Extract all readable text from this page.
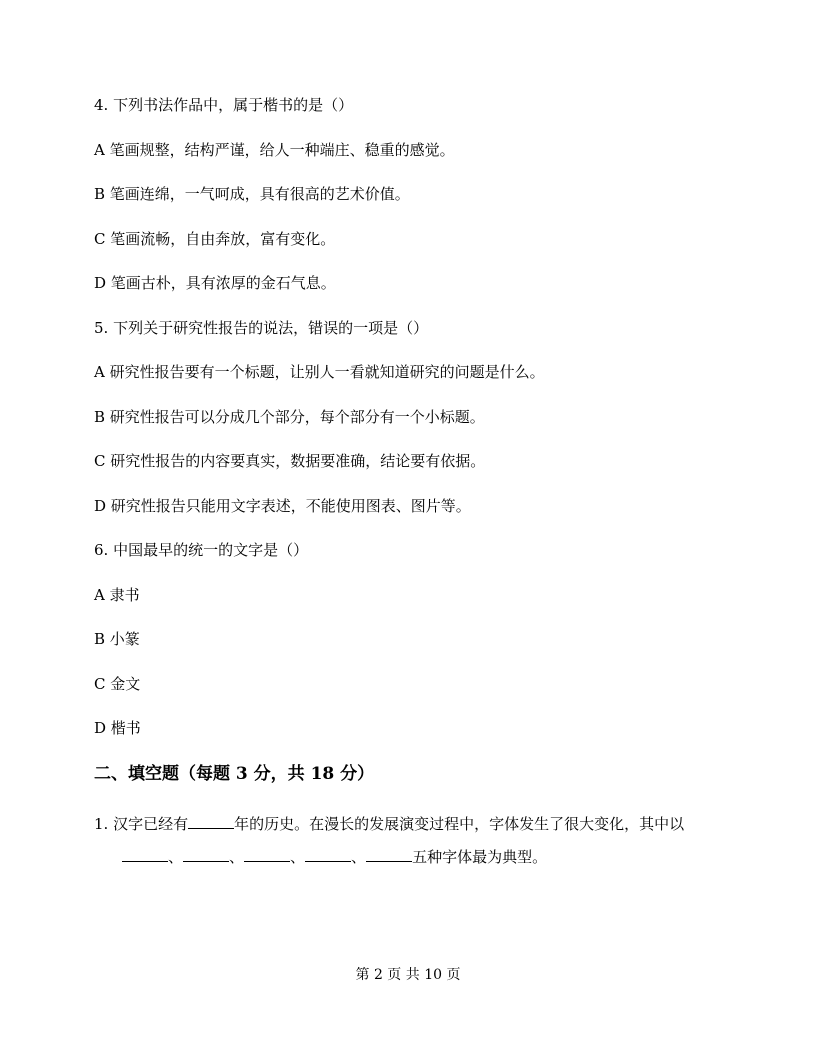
4. 下列书法作品中，属于楷书的是（）
A 笔画规整，结构严谨，给人一种端庄、稳重的感觉。
B 笔画连绵，一气呵成，具有很高的艺术价值。
C 笔画流畅，自由奔放，富有变化。
D 笔画古朴，具有浓厚的金石气息。
5. 下列关于研究性报告的说法，错误的一项是（）
A 研究性报告要有一个标题，让别人一看就知道研究的问题是什么。
B 研究性报告可以分成几个部分，每个部分有一个小标题。
C 研究性报告的内容要真实，数据要准确，结论要有依据。
D 研究性报告只能用文字表述，不能使用图表、图片等。
6. 中国最早的统一的文字是（）
A 隶书
B 小篆
C 金文
D 楷书
二、填空题（每题 3 分，共 18 分）
1. 汉字已经有	年的历史。在漫长的发展演变过程中，字体发生了很大变化，其中以
、	、	、	、	五种字体最为典型。
第 2 页 共 10 页
